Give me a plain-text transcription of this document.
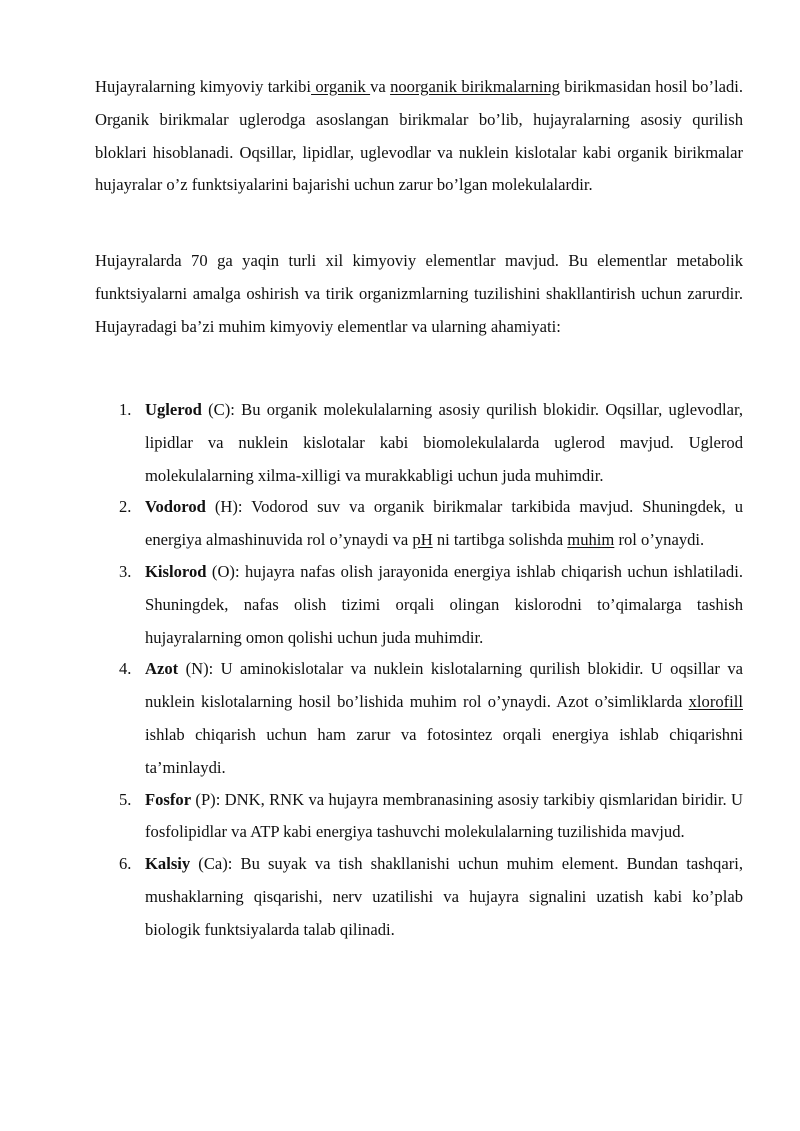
Hujayralarning kimyoviy tarkibi organik va noorganik birikmalarning birikmasidan hosil bo’ladi. Organik birikmalar uglerodga asoslangan birikmalar bo’lib, hujayralarning asosiy qurilish bloklari hisoblanadi. Oqsillar, lipidlar, uglevodlar va nuklein kislotalar kabi organik birikmalar hujayralar o’z funktsiyalarini bajarishi uchun zarur bo’lgan molekulalardir.

Hujayralarda 70 ga yaqin turli xil kimyoviy elementlar mavjud. Bu elementlar metabolik funktsiyalarni amalga oshirish va tirik organizmlarning tuzilishini shakllantirish uchun zarurdir. Hujayradagi ba’zi muhim kimyoviy elementlar va ularning ahamiyati:

1. Uglerod (C): Bu organik molekulalarning asosiy qurilish blokidir. Oqsillar, uglevodlar, lipidlar va nuklein kislotalar kabi biomolekulalarda uglerod mavjud. Uglerod molekulalarning xilma-xilligi va murakkabligi uchun juda muhimdir.
2. Vodorod (H): Vodorod suv va organik birikmalar tarkibida mavjud. Shuningdek, u energiya almashinuvida rol o’ynaydi va pH ni tartibga solishda muhim rol o’ynaydi.
3. Kislorod (O): hujayra nafas olish jarayonida energiya ishlab chiqarish uchun ishlatiladi. Shuningdek, nafas olish tizimi orqali olingan kislorodni to’qimalarga tashish hujayralarning omon qolishi uchun juda muhimdir.
4. Azot (N): U aminokislotalar va nuklein kislotalarning qurilish blokidir. U oqsillar va nuklein kislotalarning hosil bo’lishida muhim rol o’ynaydi. Azot o’simliklarda xlorofill ishlab chiqarish uchun ham zarur va fotosintez orqali energiya ishlab chiqarishni ta’minlaydi.
5. Fosfor (P): DNK, RNK va hujayra membranasining asosiy tarkibiy qismlaridan biridir. U fosfolipidlar va ATP kabi energiya tashuvchi molekulalarning tuzilishida mavjud.
6. Kalsiy (Ca): Bu suyak va tish shakllanishi uchun muhim element. Bundan tashqari, mushaklarning qisqarishi, nerv uzatilishi va hujayra signalini uzatish kabi ko’plab biologik funktsiyalarda talab qilinadi.
